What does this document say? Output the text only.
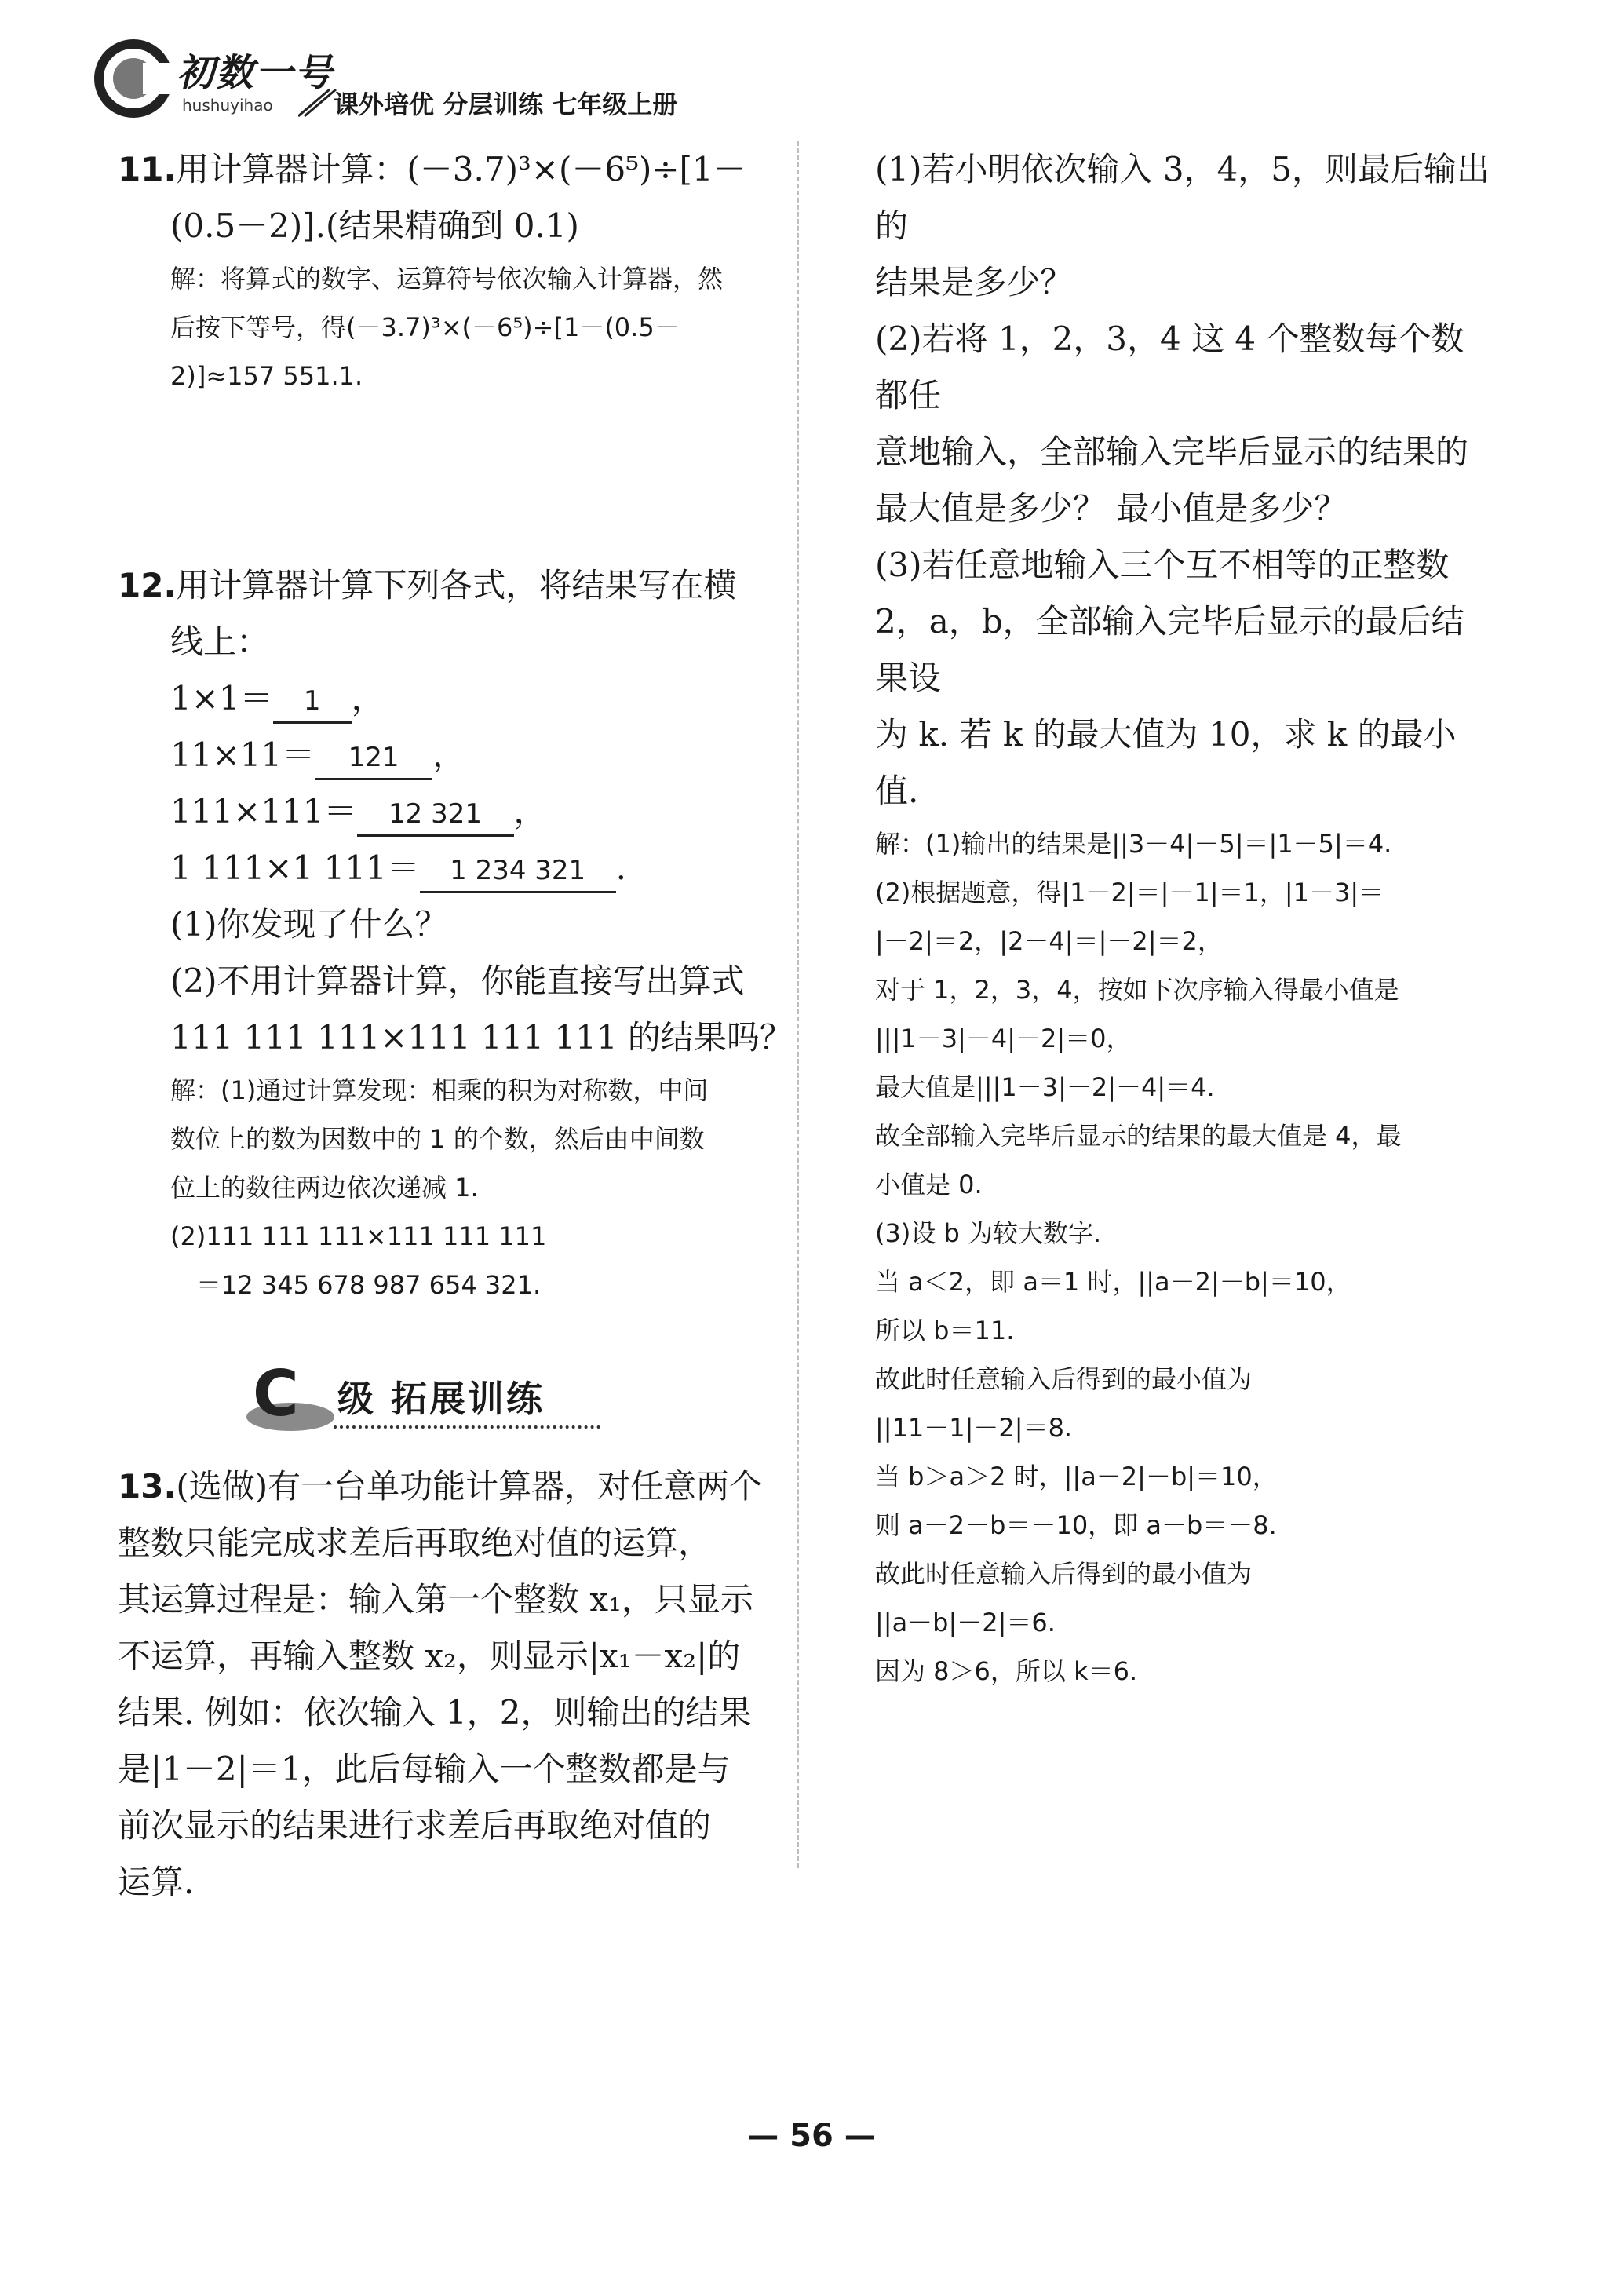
初数一号
hushuyihao 课外培优 分层训练 七年级上册

11.用计算器计算：(－3.7)³×(－6⁵)÷[1－

(0.5－2)].(结果精确到 0.1)

解：将算式的数字、运算符号依次输入计算器，然

后按下等号，得(－3.7)³×(－6⁵)÷[1－(0.5－

2)]≈157 551.1.

12.用计算器计算下列各式，将结果写在横

线上：

1×1＝ 1 ，

11×11＝ 121 ，

111×111＝ 12 321 ，

1 111×1 111＝ 1 234 321 .

(1)你发现了什么？

(2)不用计算器计算，你能直接写出算式

111 111 111×111 111 111 的结果吗？

解：(1)通过计算发现：相乘的积为对称数，中间

数位上的数为因数中的 1 的个数，然后由中间数

位上的数往两边依次递减 1.

(2)111 111 111×111 111 111

＝12 345 678 987 654 321.

C 级 拓展训练

13.(选做)有一台单功能计算器，对任意两个

整数只能完成求差后再取绝对值的运算，

其运算过程是：输入第一个整数 x₁，只显示

不运算，再输入整数 x₂，则显示|x₁－x₂|的

结果. 例如：依次输入 1，2，则输出的结果

是|1－2|＝1，此后每输入一个整数都是与

前次显示的结果进行求差后再取绝对值的

运算.

(1)若小明依次输入 3，4，5，则最后输出的

结果是多少？

(2)若将 1，2，3，4 这 4 个整数每个数都任

意地输入，全部输入完毕后显示的结果的

最大值是多少？ 最小值是多少？

(3)若任意地输入三个互不相等的正整数

2，a，b，全部输入完毕后显示的最后结果设

为 k. 若 k 的最大值为 10，求 k 的最小值.

解：(1)输出的结果是||3－4|－5|＝|1－5|＝4.

(2)根据题意，得|1－2|＝|－1|＝1，|1－3|＝

|－2|＝2，|2－4|＝|－2|＝2，

对于 1，2，3，4，按如下次序输入得最小值是

|||1－3|－4|－2|＝0，

最大值是|||1－3|－2|－4|＝4.

故全部输入完毕后显示的结果的最大值是 4，最

小值是 0.

(3)设 b 为较大数字.

当 a＜2，即 a＝1 时，||a－2|－b|＝10，

所以 b＝11.

故此时任意输入后得到的最小值为

||11－1|－2|＝8.

当 b＞a＞2 时，||a－2|－b|＝10，

则 a－2－b＝－10，即 a－b＝－8.

故此时任意输入后得到的最小值为

||a－b|－2|＝6.

因为 8＞6，所以 k＝6.

— 56 —
